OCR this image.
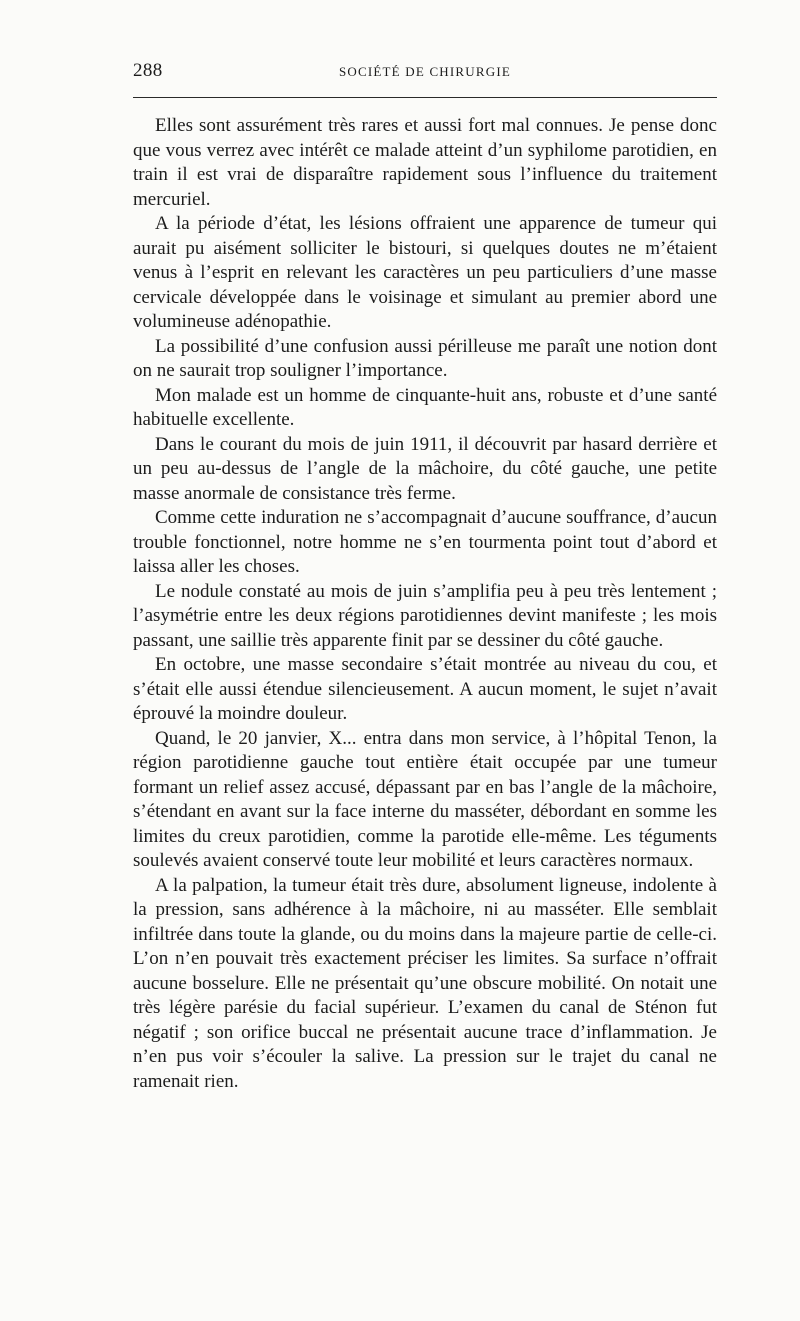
288	SOCIÉTÉ DE CHIRURGIE

Elles sont assurément très rares et aussi fort mal connues. Je pense donc que vous verrez avec intérêt ce malade atteint d’un syphilome parotidien, en train il est vrai de disparaître rapidement sous l’influence du traitement mercuriel.

A la période d’état, les lésions offraient une apparence de tumeur qui aurait pu aisément solliciter le bistouri, si quelques doutes ne m’étaient venus à l’esprit en relevant les caractères un peu particuliers d’une masse cervicale développée dans le voisinage et simulant au premier abord une volumineuse adénopathie.

La possibilité d’une confusion aussi périlleuse me paraît une notion dont on ne saurait trop souligner l’importance.

Mon malade est un homme de cinquante-huit ans, robuste et d’une santé habituelle excellente.

Dans le courant du mois de juin 1911, il découvrit par hasard derrière et un peu au-dessus de l’angle de la mâchoire, du côté gauche, une petite masse anormale de consistance très ferme.

Comme cette induration ne s’accompagnait d’aucune souffrance, d’aucun trouble fonctionnel, notre homme ne s’en tourmenta point tout d’abord et laissa aller les choses.

Le nodule constaté au mois de juin s’amplifia peu à peu très lentement ; l’asymétrie entre les deux régions parotidiennes devint manifeste ; les mois passant, une saillie très apparente finit par se dessiner du côté gauche.

En octobre, une masse secondaire s’était montrée au niveau du cou, et s’était elle aussi étendue silencieusement. A aucun moment, le sujet n’avait éprouvé la moindre douleur.

Quand, le 20 janvier, X... entra dans mon service, à l’hôpital Tenon, la région parotidienne gauche tout entière était occupée par une tumeur formant un relief assez accusé, dépassant par en bas l’angle de la mâchoire, s’étendant en avant sur la face interne du masséter, débordant en somme les limites du creux parotidien, comme la parotide elle-même. Les téguments soulevés avaient conservé toute leur mobilité et leurs caractères normaux.

A la palpation, la tumeur était très dure, absolument ligneuse, indolente à la pression, sans adhérence à la mâchoire, ni au masséter. Elle semblait infiltrée dans toute la glande, ou du moins dans la majeure partie de celle-ci. L’on n’en pouvait très exactement préciser les limites. Sa surface n’offrait aucune bosselure. Elle ne présentait qu’une obscure mobilité. On notait une très légère parésie du facial supérieur. L’examen du canal de Sténon fut négatif ; son orifice buccal ne présentait aucune trace d’inflammation. Je n’en pus voir s’écouler la salive. La pression sur le trajet du canal ne ramenait rien.
